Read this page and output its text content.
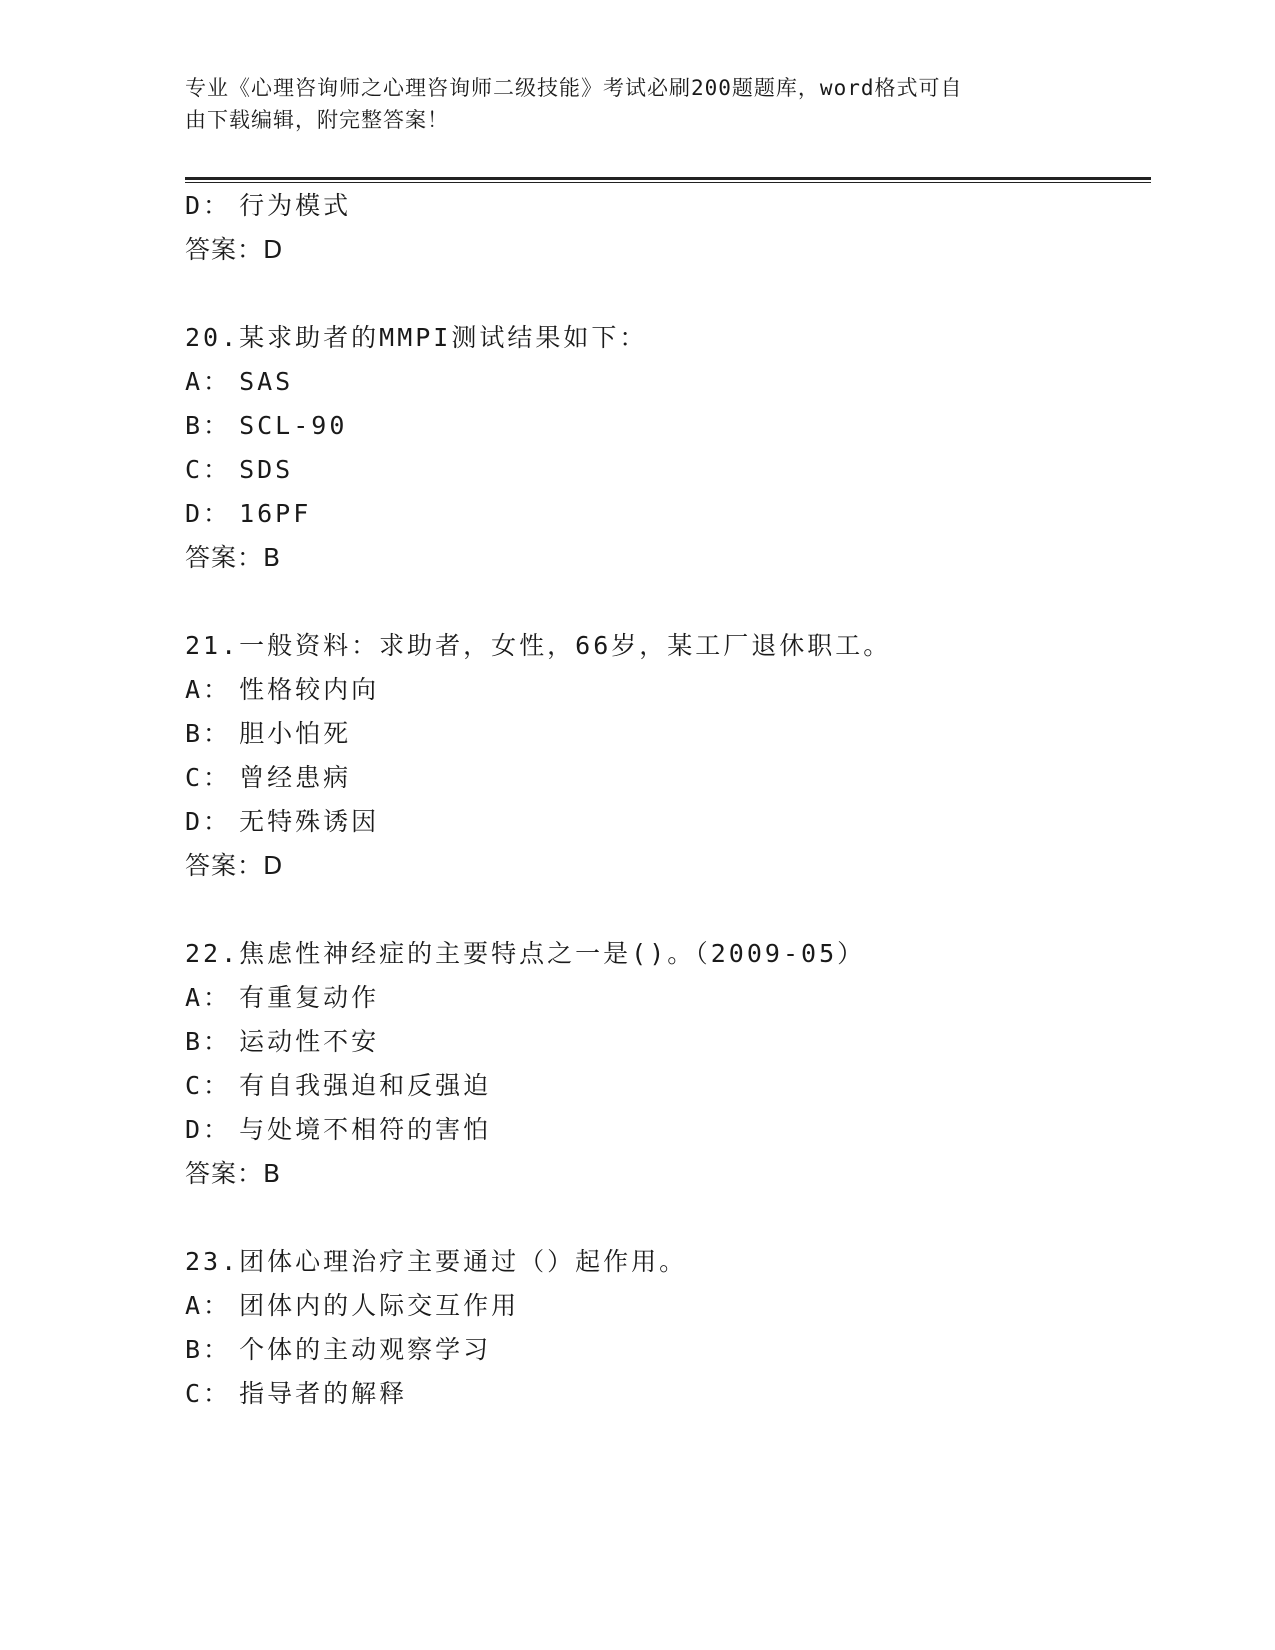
专业《心理咨询师之心理咨询师二级技能》考试必刷200题题库，word格式可自
由下载编辑，附完整答案！
D： 行为模式
答案：D
20.某求助者的MMPI测试结果如下：
A： SAS
B： SCL-90
C： SDS
D： 16PF
答案：B
21.一般资料：求助者，女性，66岁，某工厂退休职工。
A： 性格较内向
B： 胆小怕死
C： 曾经患病
D： 无特殊诱因
答案：D
22.焦虑性神经症的主要特点之一是()。（2009-05）
A： 有重复动作
B： 运动性不安
C： 有自我强迫和反强迫
D： 与处境不相符的害怕
答案：B
23.团体心理治疗主要通过（）起作用。
A： 团体内的人际交互作用
B： 个体的主动观察学习
C： 指导者的解释
